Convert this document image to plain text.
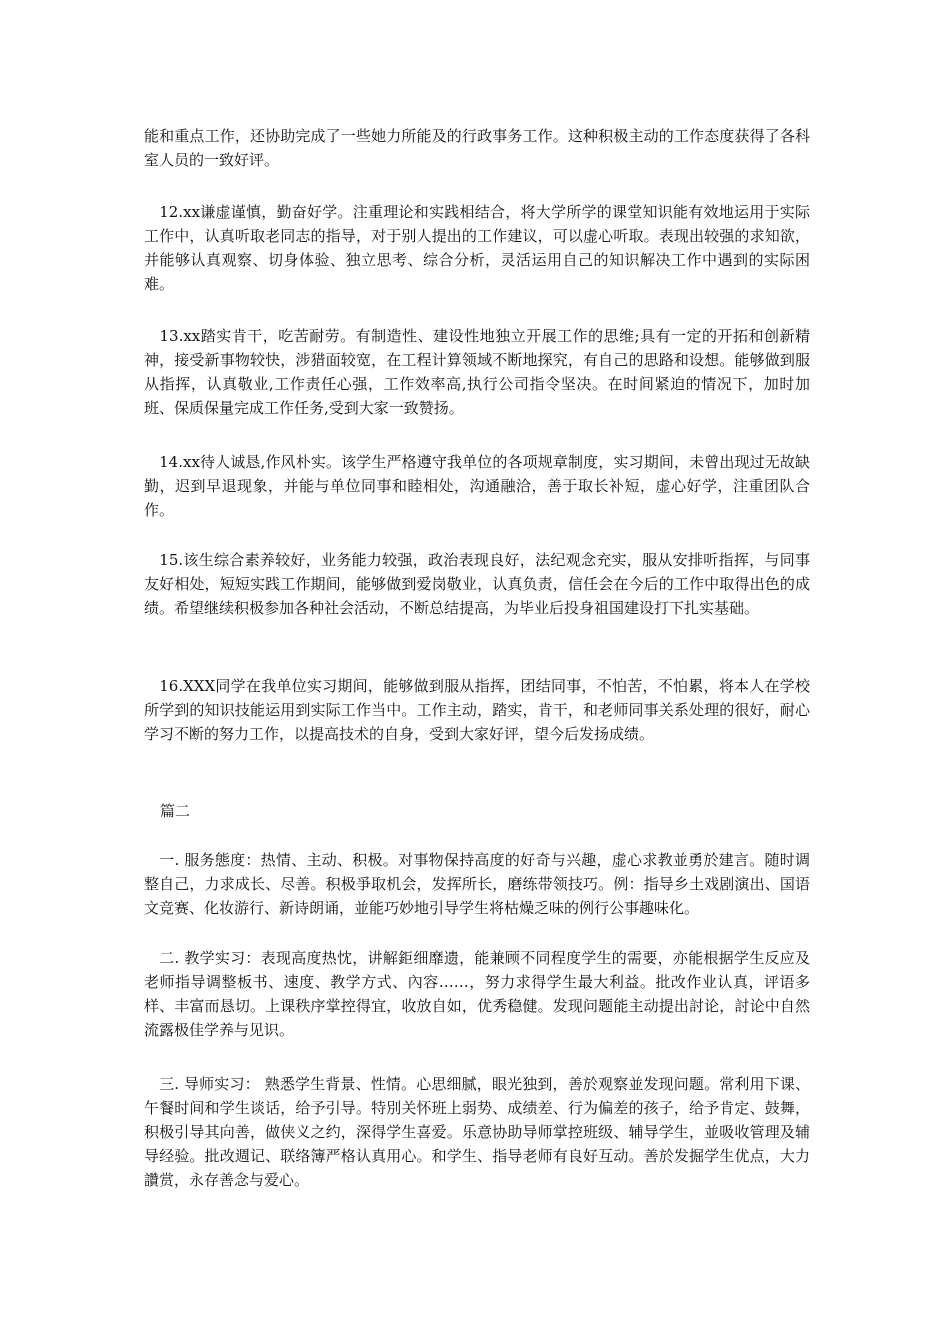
能和重点工作，还协助完成了一些她力所能及的行政事务工作。这种积极主动的工作态度获得了各科室人员的一致好评。

　12.xx谦虚谨慎，勤奋好学。注重理论和实践相结合，将大学所学的课堂知识能有效地运用于实际工作中，认真听取老同志的指导，对于别人提出的工作建议，可以虚心听取。表现出较强的求知欲，并能够认真观察、切身体验、独立思考、综合分析，灵活运用自己的知识解决工作中遇到的实际困难。

　13.xx踏实肯干，吃苦耐劳。有制造性、建设性地独立开展工作的思维;具有一定的开拓和创新精神，接受新事物较快，涉猎面较宽，在工程计算领域不断地探究，有自己的思路和设想。能够做到服从指挥，认真敬业,工作责任心强，工作效率高,执行公司指令坚决。在时间紧迫的情况下，加时加班、保质保量完成工作任务,受到大家一致赞扬。

　14.xx待人诚恳,作风朴实。该学生严格遵守我单位的各项规章制度，实习期间，未曾出现过无故缺勤，迟到早退现象，并能与单位同事和睦相处，沟通融洽，善于取长补短，虚心好学，注重团队合作。

　15.该生综合素养较好，业务能力较强，政治表现良好，法纪观念充实，服从安排听指挥，与同事友好相处，短短实践工作期间，能够做到爱岗敬业，认真负责，信任会在今后的工作中取得出色的成绩。希望继续积极参加各种社会活动，不断总结提高，为毕业后投身祖国建设打下扎实基础。

　16.XXX同学在我单位实习期间，能够做到服从指挥，团结同事，不怕苦，不怕累，将本人在学校所学到的知识技能运用到实际工作当中。工作主动，踏实，肯干，和老师同事关系处理的很好，耐心学习不断的努力工作，以提高技术的自身，受到大家好评，望今后发扬成绩。

篇二

　一. 服务態度：热情、主动、积极。对事物保持高度的好奇与兴趣，虚心求教並勇於建言。随时调整自己，力求成长、尽善。积极爭取机会，发挥所长，磨练带领技巧。例：指导乡土戏剧演出、国语文竞赛、化妆游行、新诗朗诵，並能巧妙地引导学生将枯燥乏味的例行公事趣味化。

　二. 教学实习：表现高度热忱，讲解鉅细靡遗，能兼顾不同程度学生的需要，亦能根据学生反应及老师指导调整板书、速度、教学方式、內容……，努力求得学生最大利益。批改作业认真，评语多样、丰富而恳切。上课秩序掌控得宜，收放自如，优秀稳健。发现问题能主动提出討论，討论中自然流露极佳学养与见识。

　三. 导师实习： 熟悉学生背景、性情。心思细腻，眼光独到，善於观察並发现问题。常利用下课、午餐时间和学生谈话，给予引导。特別关怀班上弱势、成绩差、行为偏差的孩子，给予肯定、鼓舞，积极引导其向善，做侠义之约，深得学生喜爱。乐意协助导师掌控班级、辅导学生，並吸收管理及辅导经验。批改週记、联络簿严格认真用心。和学生、指导老师有良好互动。善於发掘学生优点，大力讚赏，永存善念与爱心。
